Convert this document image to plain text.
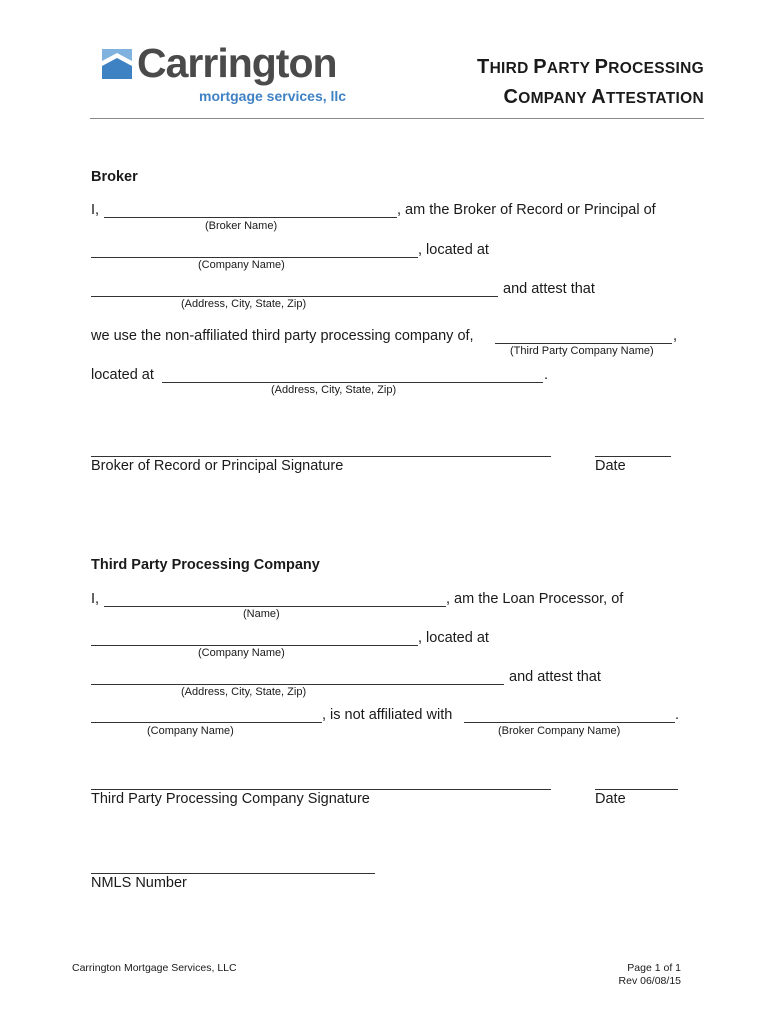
Carrington
mortgage services, llc
THIRD PARTY PROCESSING
COMPANY ATTESTATION
Broker
I,	, am the Broker of Record or Principal of
(Broker Name)
, located at
(Company Name)
and attest that
(Address, City, State, Zip)
we use the non-affiliated third party processing company of,	,
(Third Party Company Name)
located at	.
(Address, City, State, Zip)
Broker of Record or Principal Signature	Date
Third Party Processing Company
I,	, am the Loan Processor, of
(Name)
, located at
(Company Name)
and attest that
(Address, City, State, Zip)
, is not affiliated with	.
(Company Name)	(Broker Company Name)
Third Party Processing Company Signature	Date
NMLS Number
Carrington Mortgage Services, LLC	Page 1 of 1
Rev 06/08/15
